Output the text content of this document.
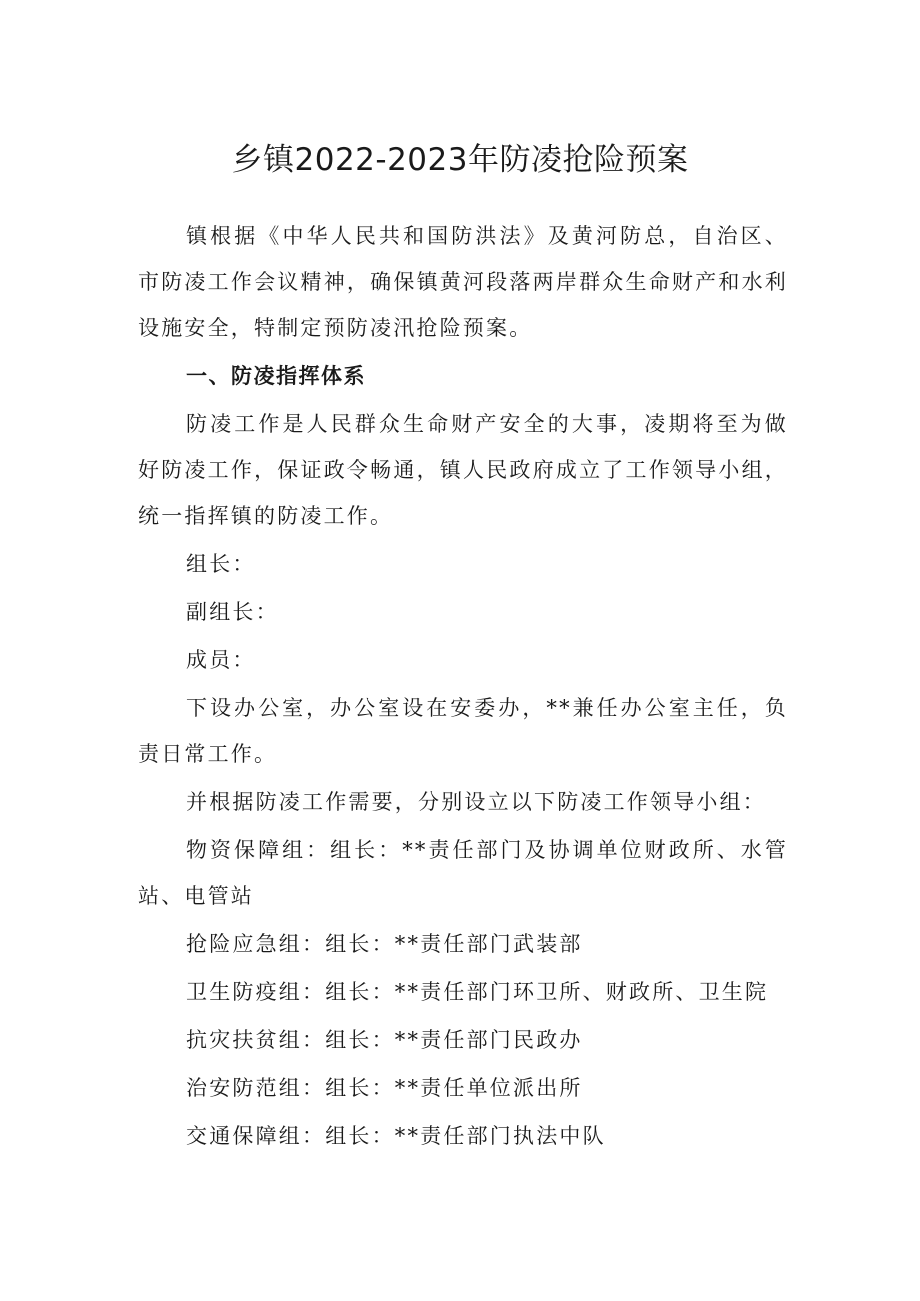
乡镇2022-2023年防凌抢险预案

镇根据《中华人民共和国防洪法》及黄河防总，自治区、市防凌工作会议精神，确保镇黄河段落两岸群众生命财产和水利设施安全，特制定预防凌汛抢险预案。

一、防凌指挥体系

防凌工作是人民群众生命财产安全的大事，凌期将至为做好防凌工作，保证政令畅通，镇人民政府成立了工作领导小组，统一指挥镇的防凌工作。

组长：

副组长：

成员：

下设办公室，办公室设在安委办，**兼任办公室主任，负责日常工作。

并根据防凌工作需要，分别设立以下防凌工作领导小组：

物资保障组：组长：**责任部门及协调单位财政所、水管站、电管站

抢险应急组：组长：**责任部门武装部

卫生防疫组：组长：**责任部门环卫所、财政所、卫生院

抗灾扶贫组：组长：**责任部门民政办

治安防范组：组长：**责任单位派出所

交通保障组：组长：**责任部门执法中队
